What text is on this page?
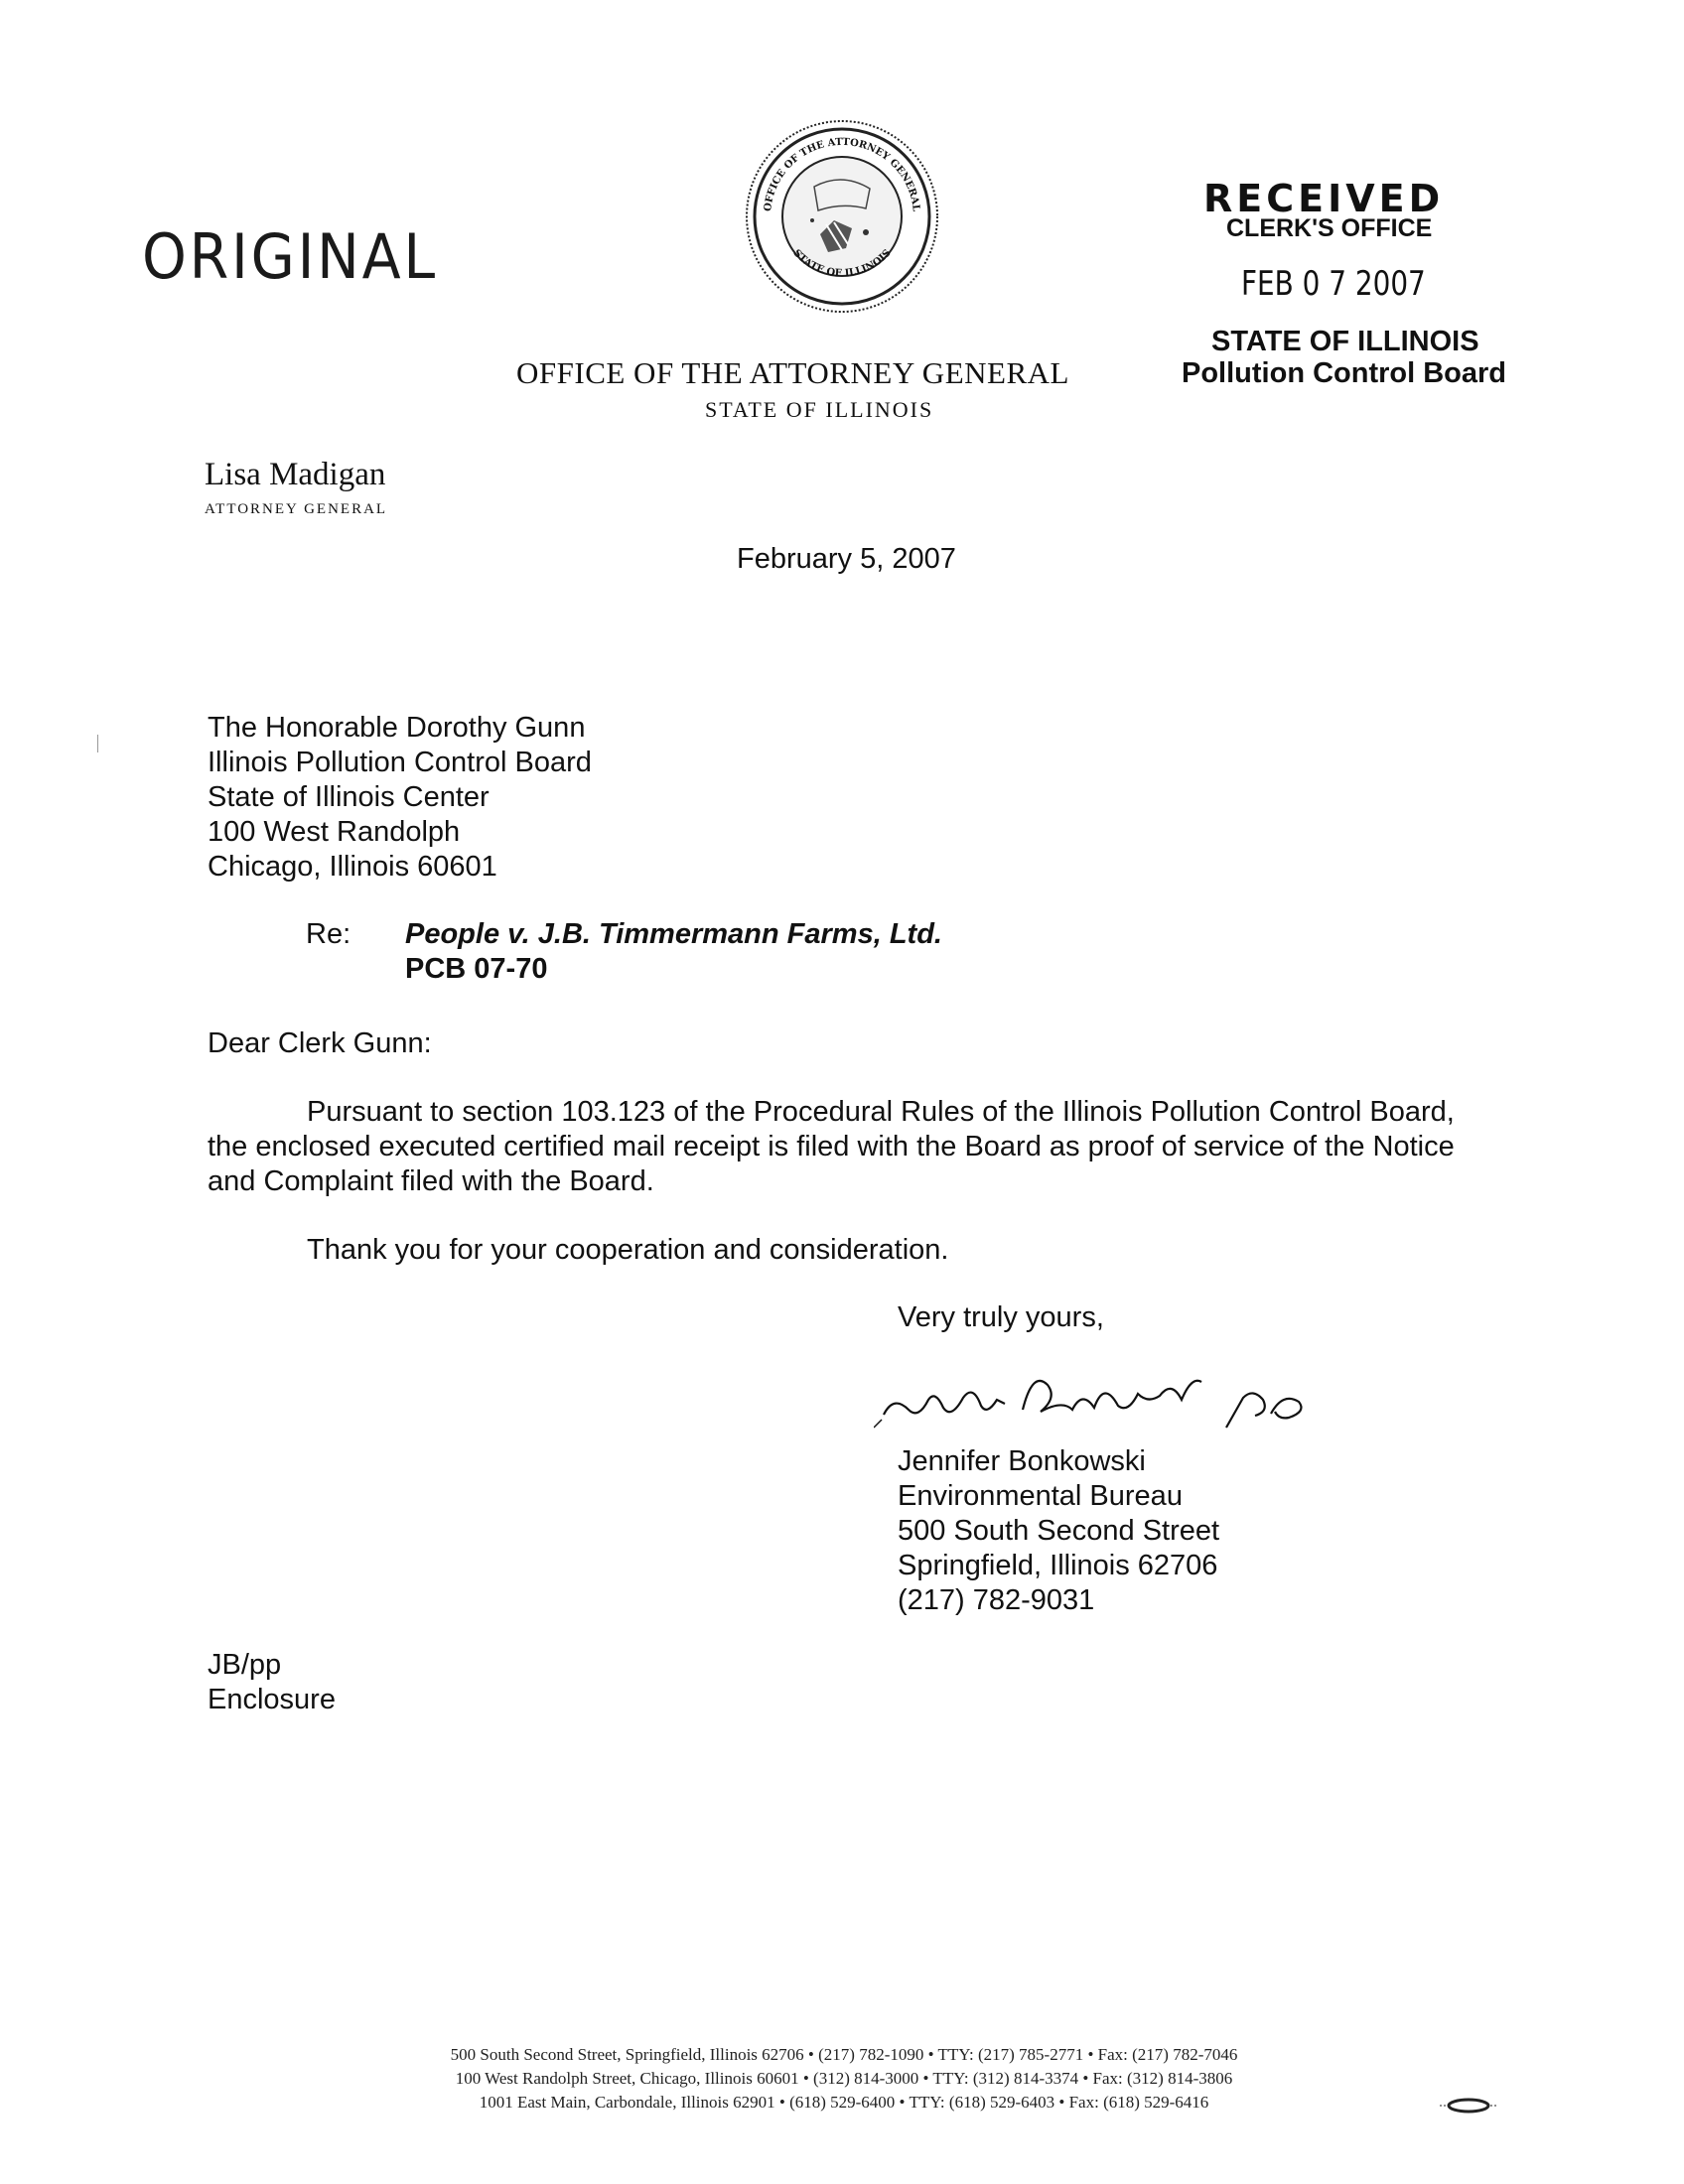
ORIGINAL
OFFICE OF THE ATTORNEY GENERAL
STATE OF ILLINOIS
RECEIVED
CLERK'S OFFICE
FEB 0 7 2007
STATE OF ILLINOIS
Pollution Control Board
OFFICE OF THE ATTORNEY GENERAL
STATE OF ILLINOIS
Lisa Madigan
ATTORNEY GENERAL
February 5, 2007
The Honorable Dorothy Gunn
Illinois Pollution Control Board
State of Illinois Center
100 West Randolph
Chicago, Illinois 60601
Re: People v. J.B. Timmermann Farms, Ltd.
PCB 07-70
Dear Clerk Gunn:
Pursuant to section 103.123 of the Procedural Rules of the Illinois Pollution Control Board, the enclosed executed certified mail receipt is filed with the Board as proof of service of the Notice and Complaint filed with the Board.
Thank you for your cooperation and consideration.
Very truly yours,
Jennifer Bonkowski
Environmental Bureau
500 South Second Street
Springfield, Illinois 62706
(217) 782-9031
JB/pp
Enclosure
500 South Second Street, Springfield, Illinois 62706 • (217) 782-1090 • TTY: (217) 785-2771 • Fax: (217) 782-7046
100 West Randolph Street, Chicago, Illinois 60601 • (312) 814-3000 • TTY: (312) 814-3374 • Fax: (312) 814-3806
1001 East Main, Carbondale, Illinois 62901 • (618) 529-6400 • TTY: (618) 529-6403 • Fax: (618) 529-6416
